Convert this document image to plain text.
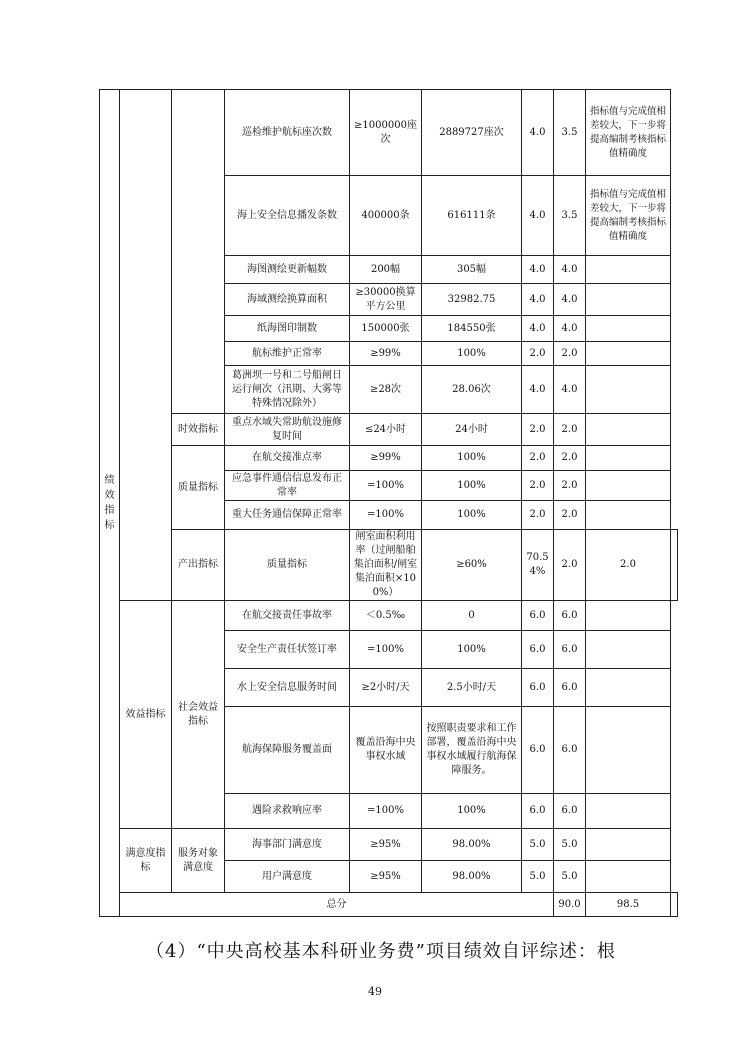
绩效指标			巡检维护航标座次数	≥1000000座次	2889727座次	4.0	3.5	指标值与完成值相差较大，下一步将提高编制考核指标值精确度	
			海上安全信息播发条数	400000条	616111条	4.0	3.5	指标值与完成值相差较大，下一步将提高编制考核指标值精确度	
			海图测绘更新幅数	200幅	305幅	4.0	4.0		
			海域测绘换算面积	≥30000换算平方公里	32982.75	4.0	4.0		
			纸海图印制数	150000张	184550张	4.0	4.0		
			航标维护正常率	≥99%	100%	2.0	2.0		
			葛洲坝一号和二号船闸日运行闸次（汛期、大雾等特殊情况除外）	≥28次	28.06次	4.0	4.0		
		时效指标	重点水域失常助航设施修复时间	≤24小时	24小时	2.0	2.0		
		质量指标	在航交接准点率	≥99%	100%	2.0	2.0		
			应急事件通信信息发布正常率	=100%	100%	2.0	2.0		
			重大任务通信保障正常率	=100%	100%	2.0	2.0		
		产出指标	质量指标	闸室面积利用率（过闸船舶集泊面积/闸室集泊面积×100%）	≥60%	70.54%	2.0	2.0	
	效益指标	社会效益指标	在航交接责任事故率	＜0.5‰	0	6.0	6.0		
			安全生产责任状签订率	=100%	100%	6.0	6.0		
			水上安全信息服务时间	≥2小时/天	2.5小时/天	6.0	6.0		
			航海保障服务覆盖面	覆盖沿海中央事权水域	按照职责要求和工作部署，覆盖沿海中央事权水域履行航海保障服务。	6.0	6.0		
			遇险求救响应率	=100%	100%	6.0	6.0		
	满意度指标	服务对象满意度	海事部门满意度	≥95%	98.00%	5.0	5.0		
			用户满意度	≥95%	98.00%	5.0	5.0		
	总分						90.0	98.5	
（4）“中央高校基本科研业务费”项目绩效自评综述：根
49
